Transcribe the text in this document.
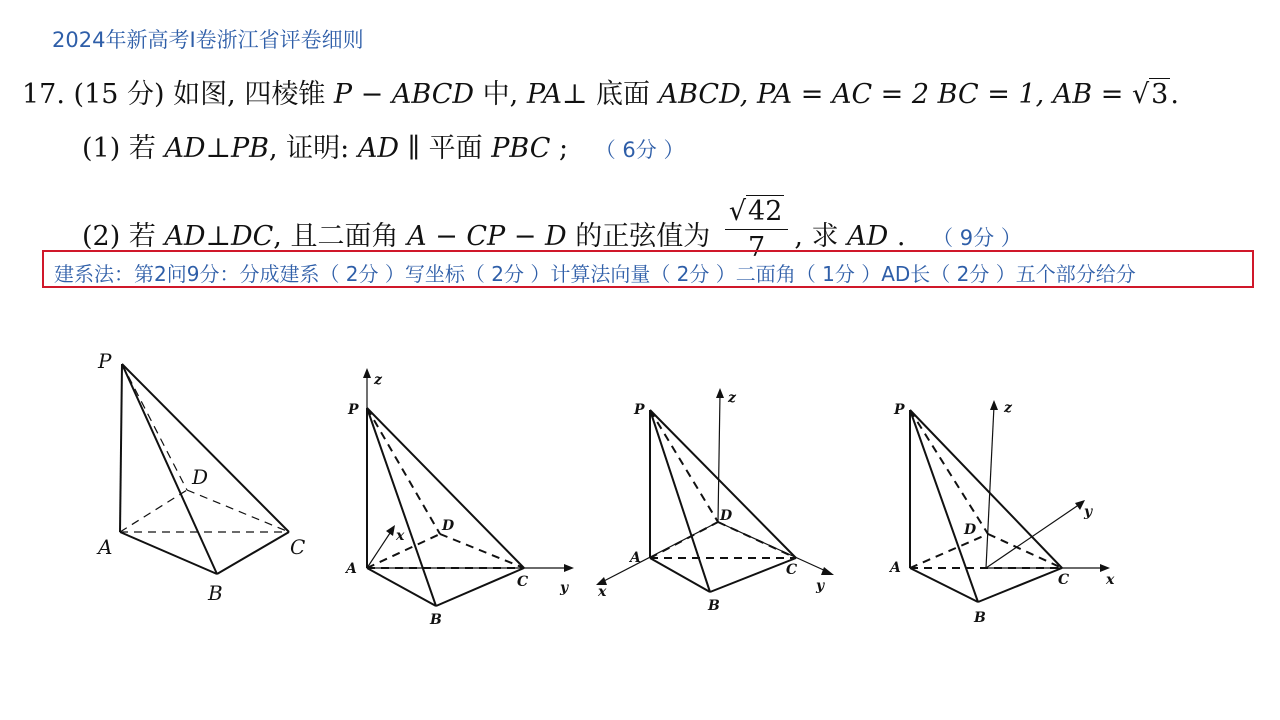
2024年新高考Ⅰ卷浙江省评卷细则
17. (15 分) 如图, 四棱锥 P − ABCD 中, PA⊥ 底面 ABCD, PA = AC = 2 BC = 1, AB = √3.
(1) 若 AD⊥PB, 证明: AD ∥ 平面 PBC ; （ 6分 ）
(2) 若 AD⊥DC, 且二面角 A − CP − D 的正弦值为 $\frac{√42}{7}$ , 求 AD . （ 9分 ）
建系法：第2问9分：分成建系（ 2分 ）写坐标（ 2分 ）计算法向量（ 2分 ）二面角（ 1分 ）AD长（ 2分 ）五个部分给分
P
D
A	C
B
z
P
x
D
A
C y
B
z
P
D
A
C
y
x
B
P	z
y
D
A
C	x
B
